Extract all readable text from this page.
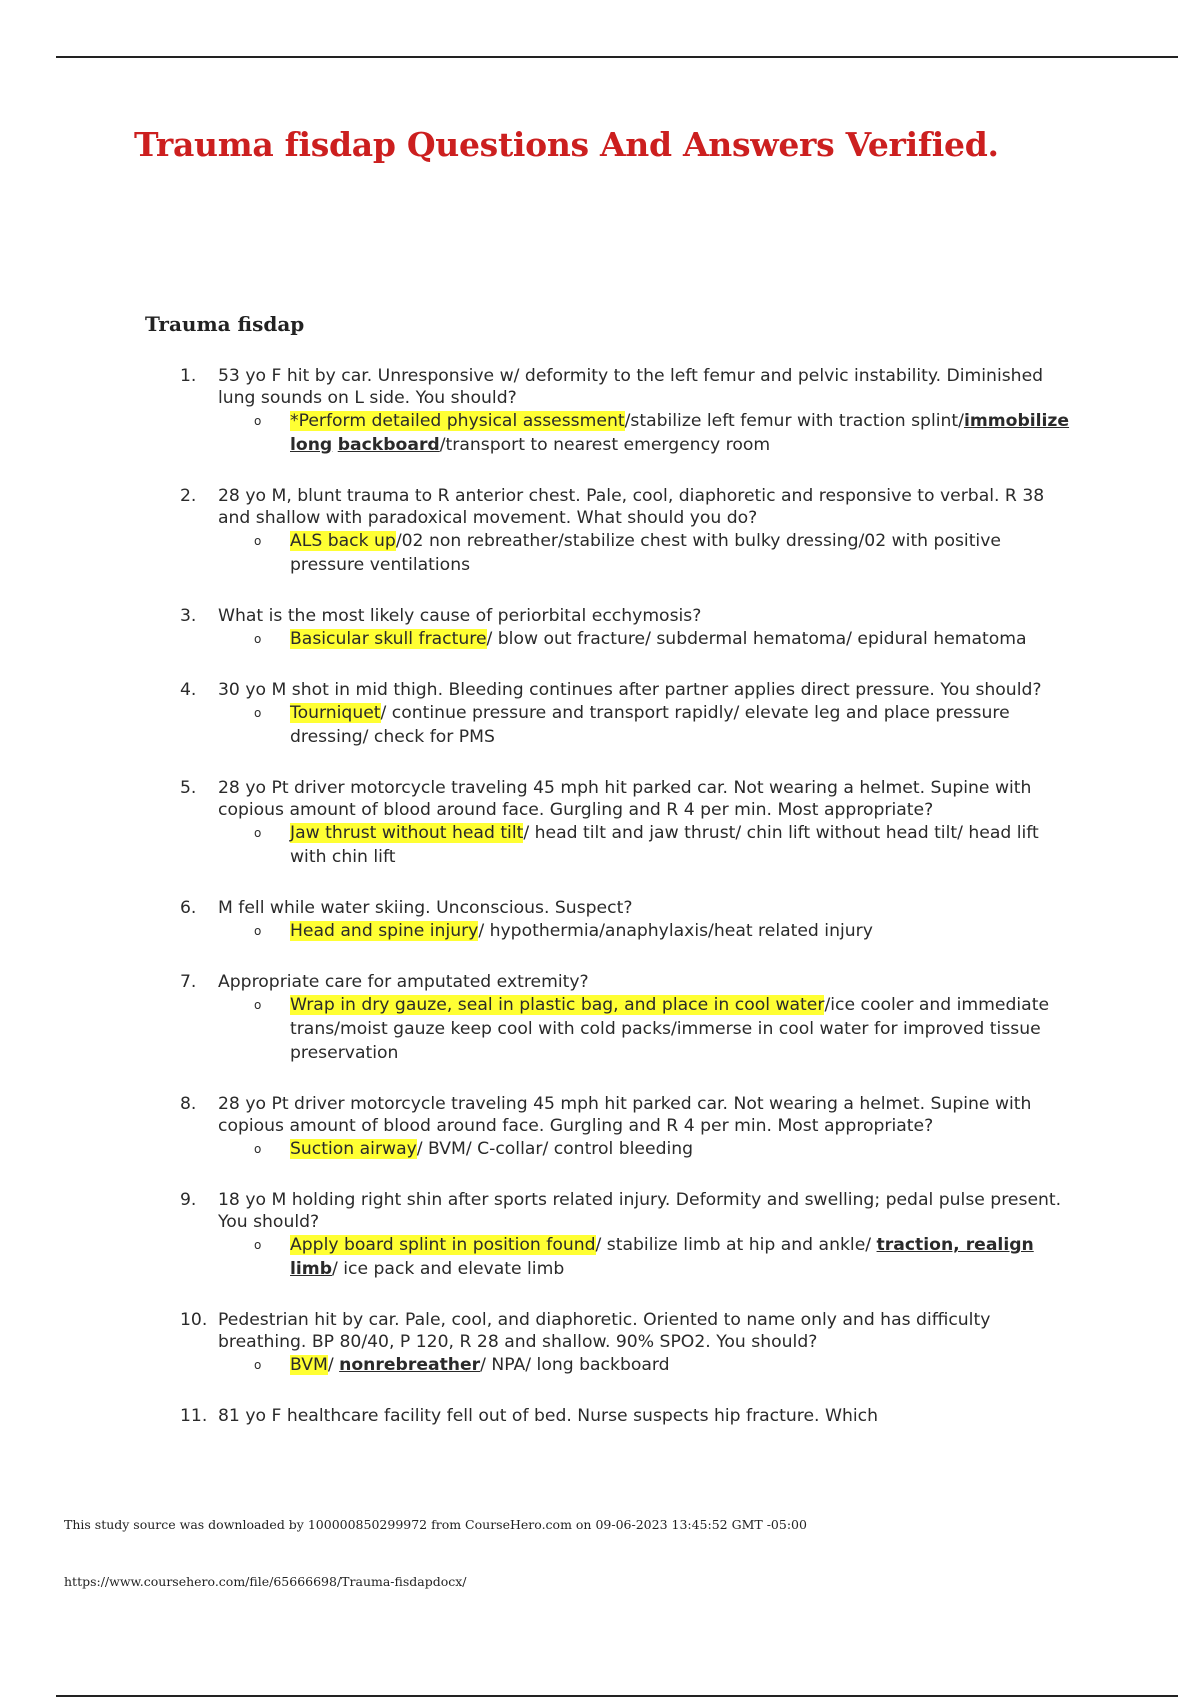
Trauma fisdap Questions And Answers Verified.
Trauma fisdap
1. 53 yo F hit by car. Unresponsive w/ deformity to the left femur and pelvic instability. Diminished lung sounds on L side. You should?

o *Perform detailed physical assessment/stabilize left femur with traction splint/immobilize long backboard/transport to nearest emergency room

2. 28 yo M, blunt trauma to R anterior chest. Pale, cool, diaphoretic and responsive to verbal. R 38 and shallow with paradoxical movement. What should you do?

o ALS back up/02 non rebreather/stabilize chest with bulky dressing/02 with positive pressure ventilations

3. What is the most likely cause of periorbital ecchymosis?

o Basicular skull fracture/ blow out fracture/ subdermal hematoma/ epidural hematoma

4. 30 yo M shot in mid thigh. Bleeding continues after partner applies direct pressure. You should?

o Tourniquet/ continue pressure and transport rapidly/ elevate leg and place pressure dressing/ check for PMS

5. 28 yo Pt driver motorcycle traveling 45 mph hit parked car. Not wearing a helmet. Supine with copious amount of blood around face. Gurgling and R 4 per min. Most appropriate?

o Jaw thrust without head tilt/ head tilt and jaw thrust/ chin lift without head tilt/ head lift with chin lift

6. M fell while water skiing. Unconscious. Suspect?

o Head and spine injury/ hypothermia/anaphylaxis/heat related injury

7. Appropriate care for amputated extremity?

o Wrap in dry gauze, seal in plastic bag, and place in cool water/ice cooler and immediate trans/moist gauze keep cool with cold packs/immerse in cool water for improved tissue preservation

8. 28 yo Pt driver motorcycle traveling 45 mph hit parked car. Not wearing a helmet. Supine with copious amount of blood around face. Gurgling and R 4 per min. Most appropriate?

o Suction airway/ BVM/ C-collar/ control bleeding

9. 18 yo M holding right shin after sports related injury. Deformity and swelling; pedal pulse present. You should?

o Apply board splint in position found/ stabilize limb at hip and ankle/ traction, realign limb/ ice pack and elevate limb

10. Pedestrian hit by car. Pale, cool, and diaphoretic. Oriented to name only and has difficulty breathing. BP 80/40, P 120, R 28 and shallow. 90% SPO2. You should?

o BVM/ nonrebreather/ NPA/ long backboard

11. 81 yo F healthcare facility fell out of bed. Nurse suspects hip fracture. Which

This study source was downloaded by 100000850299972 from CourseHero.com on 09-06-2023 13:45:52 GMT -05:00

https://www.coursehero.com/file/65666698/Trauma-fisdapdocx/
